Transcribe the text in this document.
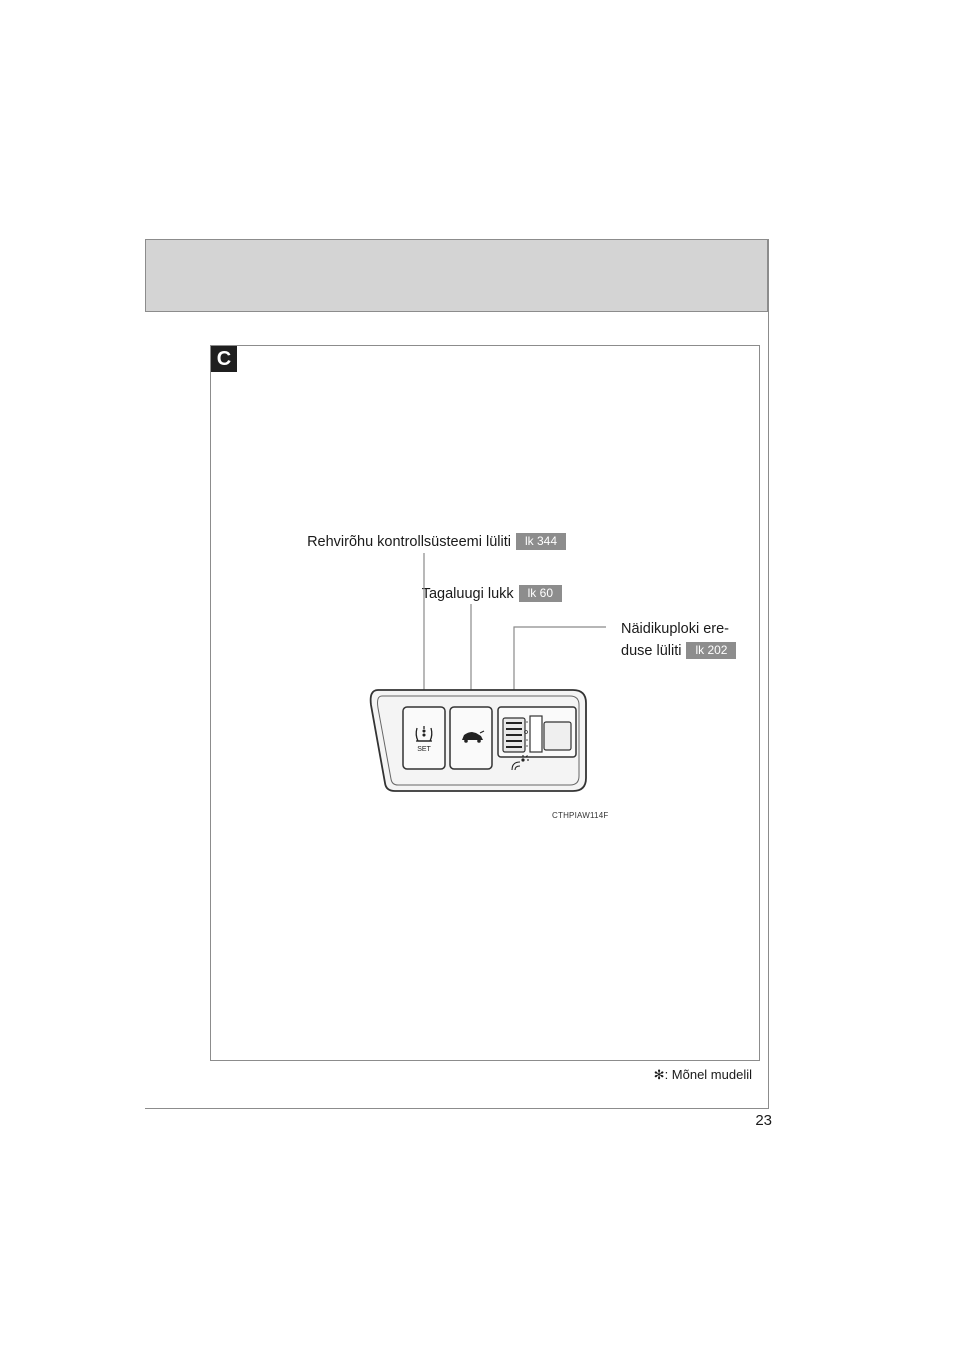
C
Rehvirõhu kontrollsüsteemi lüliti lk 344
Tagaluugi lukk lk 60
Näidikuploki ere-
duse lüliti lk 202
SET
CTHPIAW114F
✻: Mõnel mudelil
23
